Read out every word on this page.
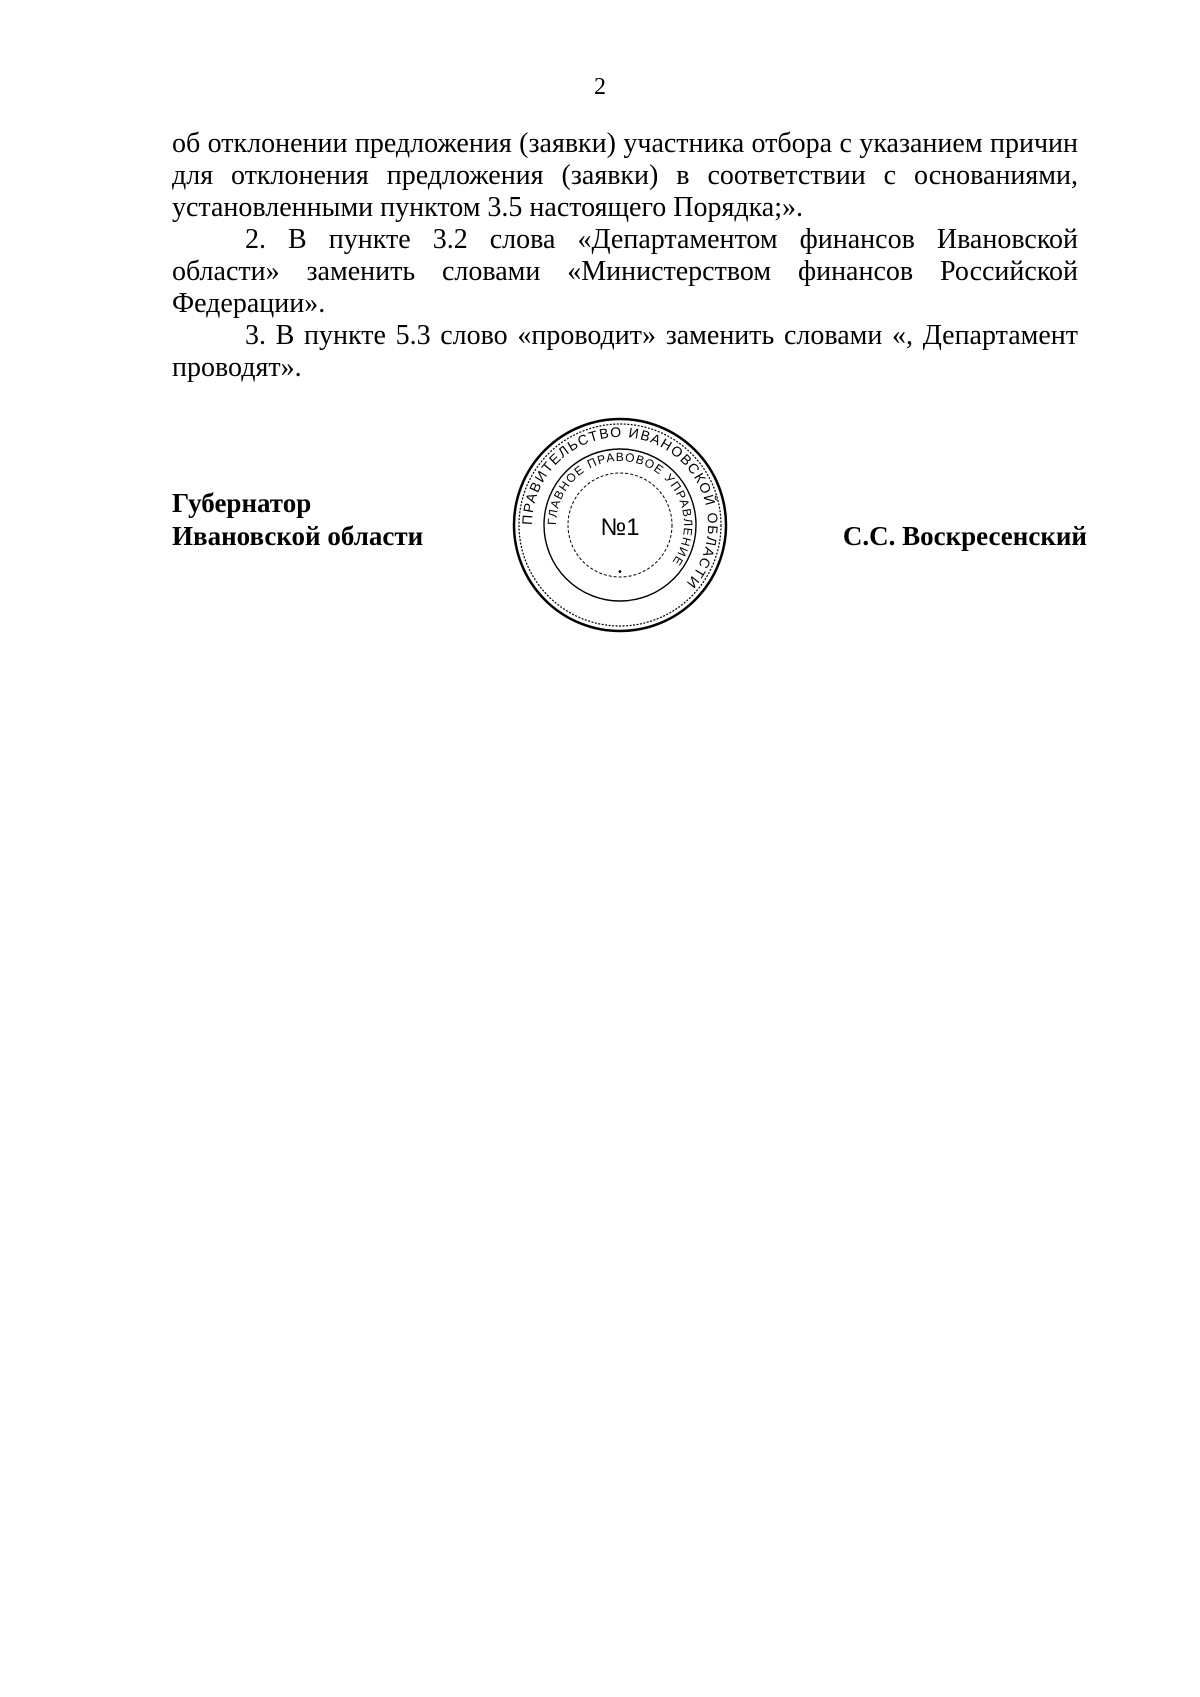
2

об отклонении предложения (заявки) участника отбора с указанием причин для отклонения предложения (заявки) в соответствии с основаниями, установленными пунктом 3.5 настоящего Порядка;».

2. В пункте 3.2 слова «Департаментом финансов Ивановской области» заменить словами «Министерством финансов Российской Федерации».

3. В пункте 5.3 слово «проводит» заменить словами «, Департамент проводят».

Губернатор
Ивановской области	С.С. Воскресенский
ПРАВИТЕЛЬСТВО ИВАНОВСКОЙ ОБЛАСТИ
ГЛАВНОЕ ПРАВОВОЕ УПРАВЛЕНИЕ
№1
•
